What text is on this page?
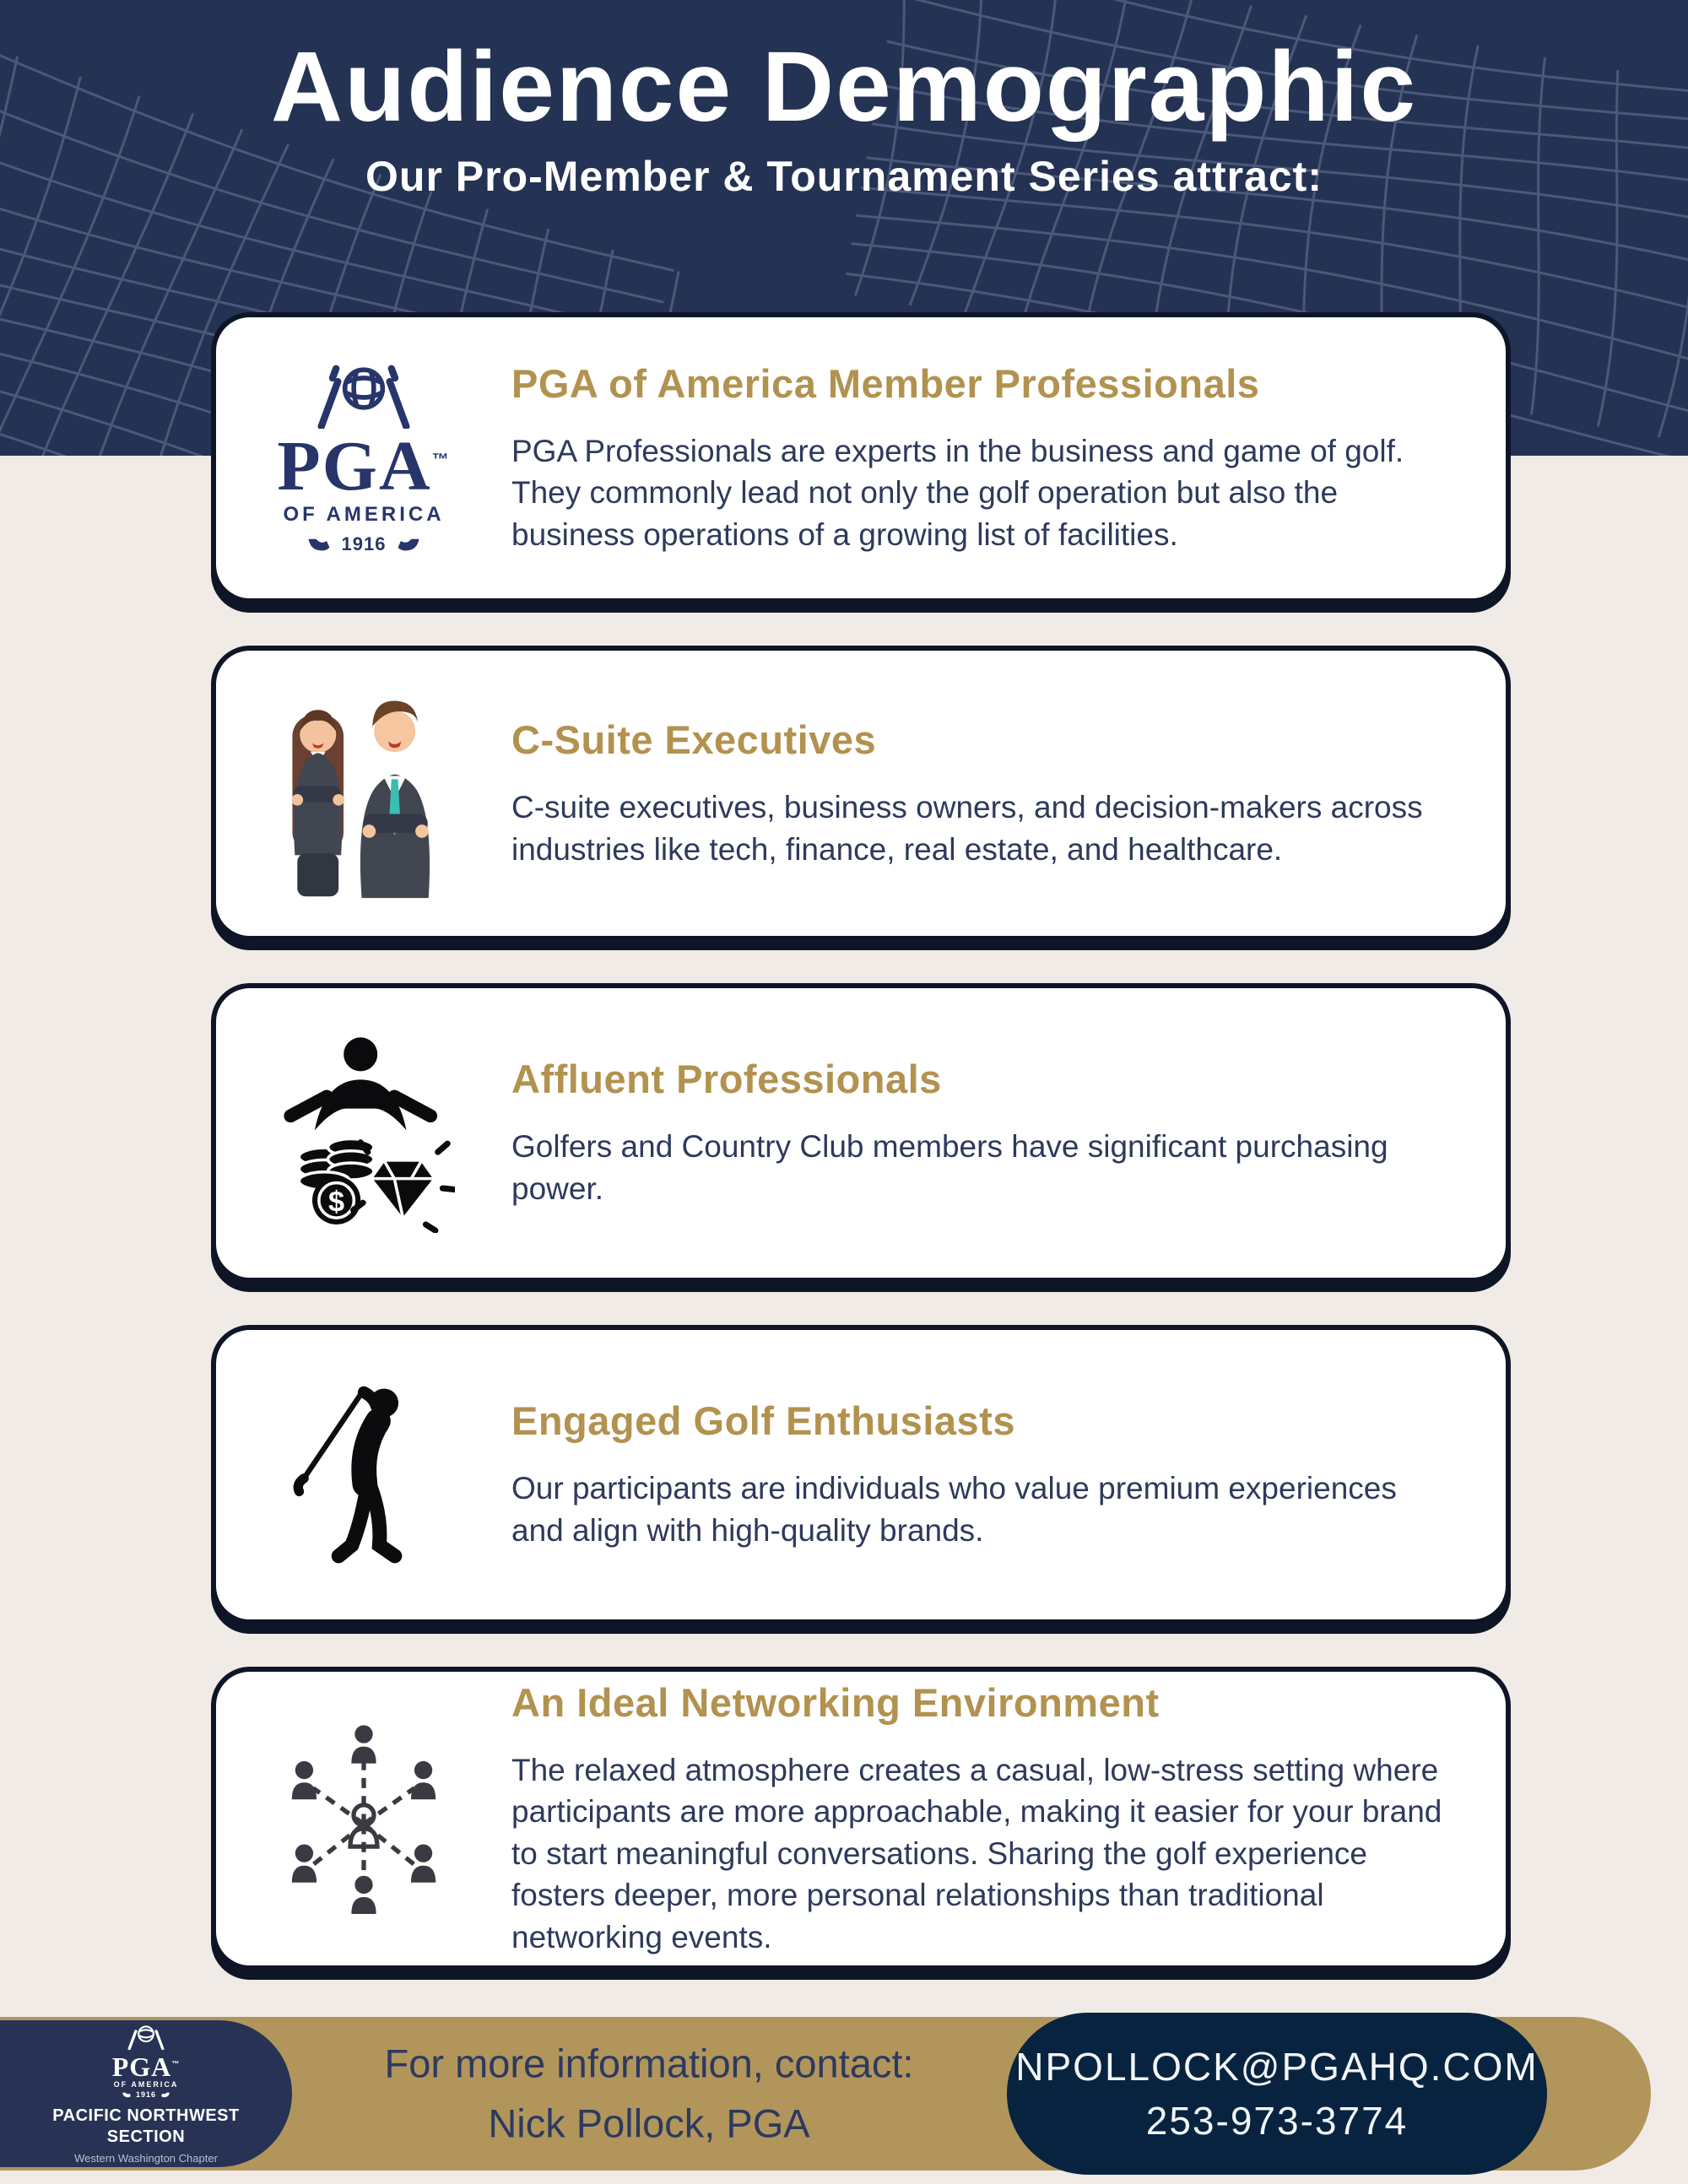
Audience Demographic
Our Pro-Member & Tournament Series attract:
PGA™
OF AMERICA
1916
PGA of America Member Professionals
PGA Professionals are experts in the business and game of golf. They commonly lead not only the golf operation but also the business operations of a growing list of facilities.
C-Suite Executives
C-suite executives, business owners, and decision-makers across industries like tech, finance, real estate, and healthcare.
$
Affluent Professionals
Golfers and Country Club members have significant purchasing power.
Engaged Golf Enthusiasts
Our participants are individuals who value premium experiences and align with high-quality brands.
An Ideal Networking Environment
The relaxed atmosphere creates a casual, low-stress setting where participants are more approachable, making it easier for your brand to start meaningful conversations. Sharing the golf experience fosters deeper, more personal relationships than traditional networking events.
For more information, contact:
Nick Pollock, PGA
PGA™
OF AMERICA
1916
PACIFIC NORTHWEST
SECTION
Western Washington Chapter
NPOLLOCK@PGAHQ.COM
253-973-3774
